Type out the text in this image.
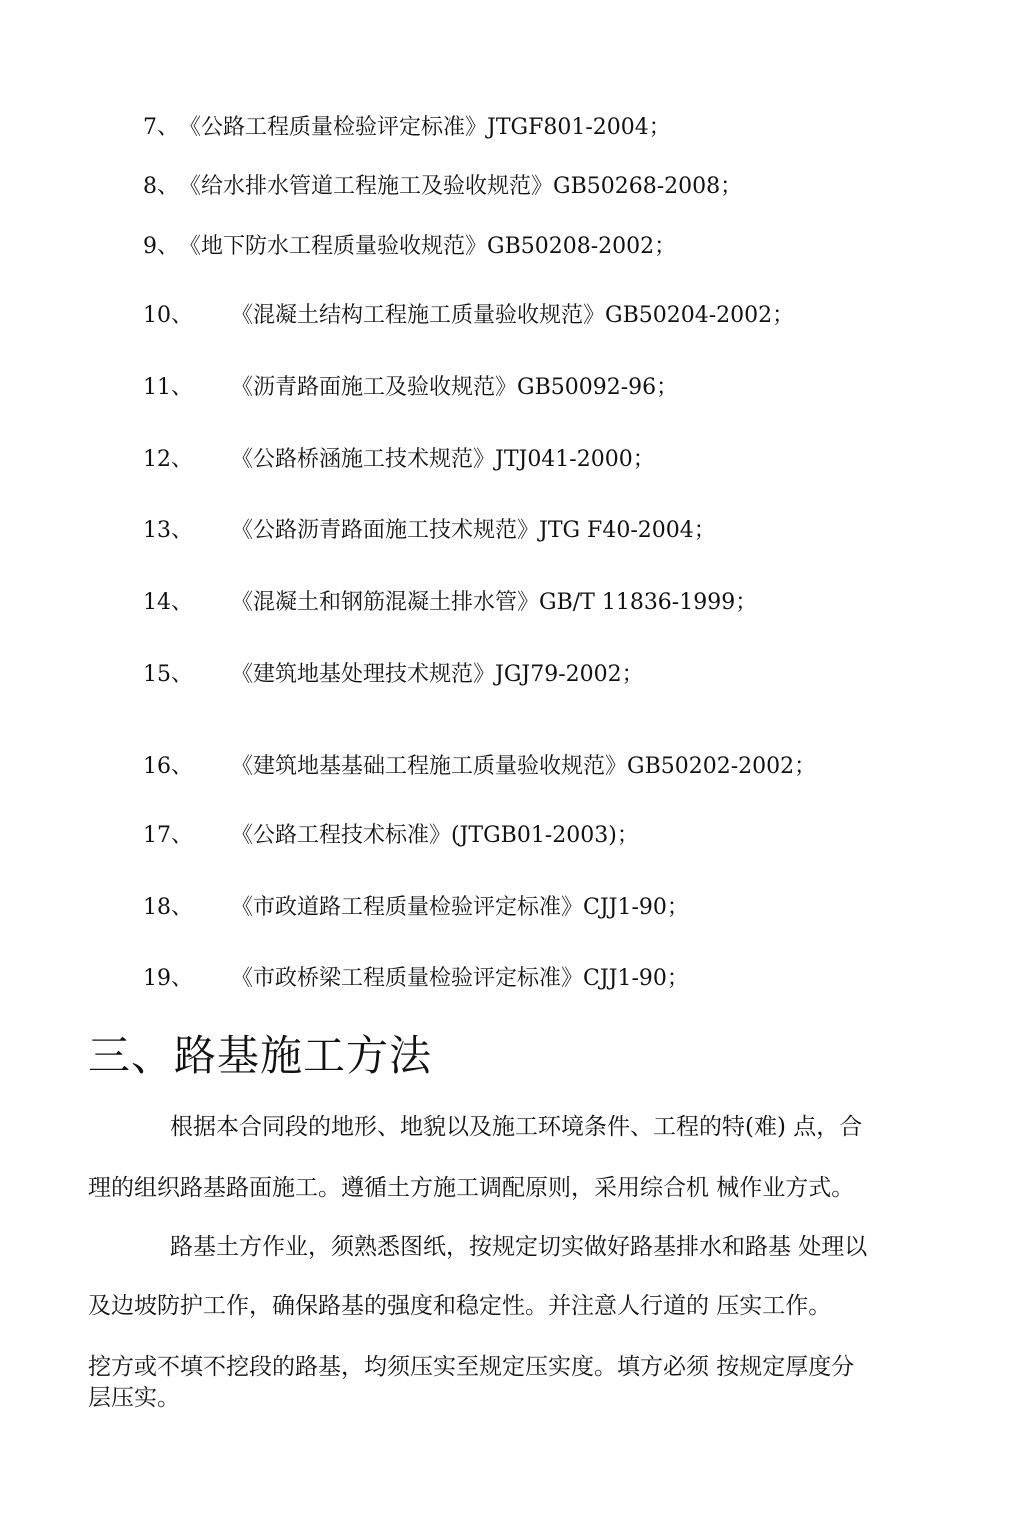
7、《公路工程质量检验评定标准》JTGF801-2004；
8、《给水排水管道工程施工及验收规范》GB50268-2008；
9、《地下防水工程质量验收规范》GB50208-2002；
10、 《混凝土结构工程施工质量验收规范》GB50204-2002；
11、 《沥青路面施工及验收规范》GB50092-96；
12、 《公路桥涵施工技术规范》JTJ041-2000；
13、 《公路沥青路面施工技术规范》JTG F40-2004；
14、 《混凝土和钢筋混凝土排水管》GB/T 11836-1999；
15、 《建筑地基处理技术规范》JGJ79-2002；
16、 《建筑地基基础工程施工质量验收规范》GB50202-2002；
17、 《公路工程技术标准》(JTGB01-2003)；
18、 《市政道路工程质量检验评定标准》CJJ1-90；
19、 《市政桥梁工程质量检验评定标准》CJJ1-90；
三、路基施工方法
根据本合同段的地形、地貌以及施工环境条件、工程的特(难) 点，合
理的组织路基路面施工。遵循土方施工调配原则，采用综合机 械作业方式。
路基土方作业，须熟悉图纸，按规定切实做好路基排水和路基 处理以
及边坡防护工作，确保路基的强度和稳定性。并注意人行道的 压实工作。
挖方或不填不挖段的路基，均须压实至规定压实度。填方必须 按规定厚度分
层压实。
